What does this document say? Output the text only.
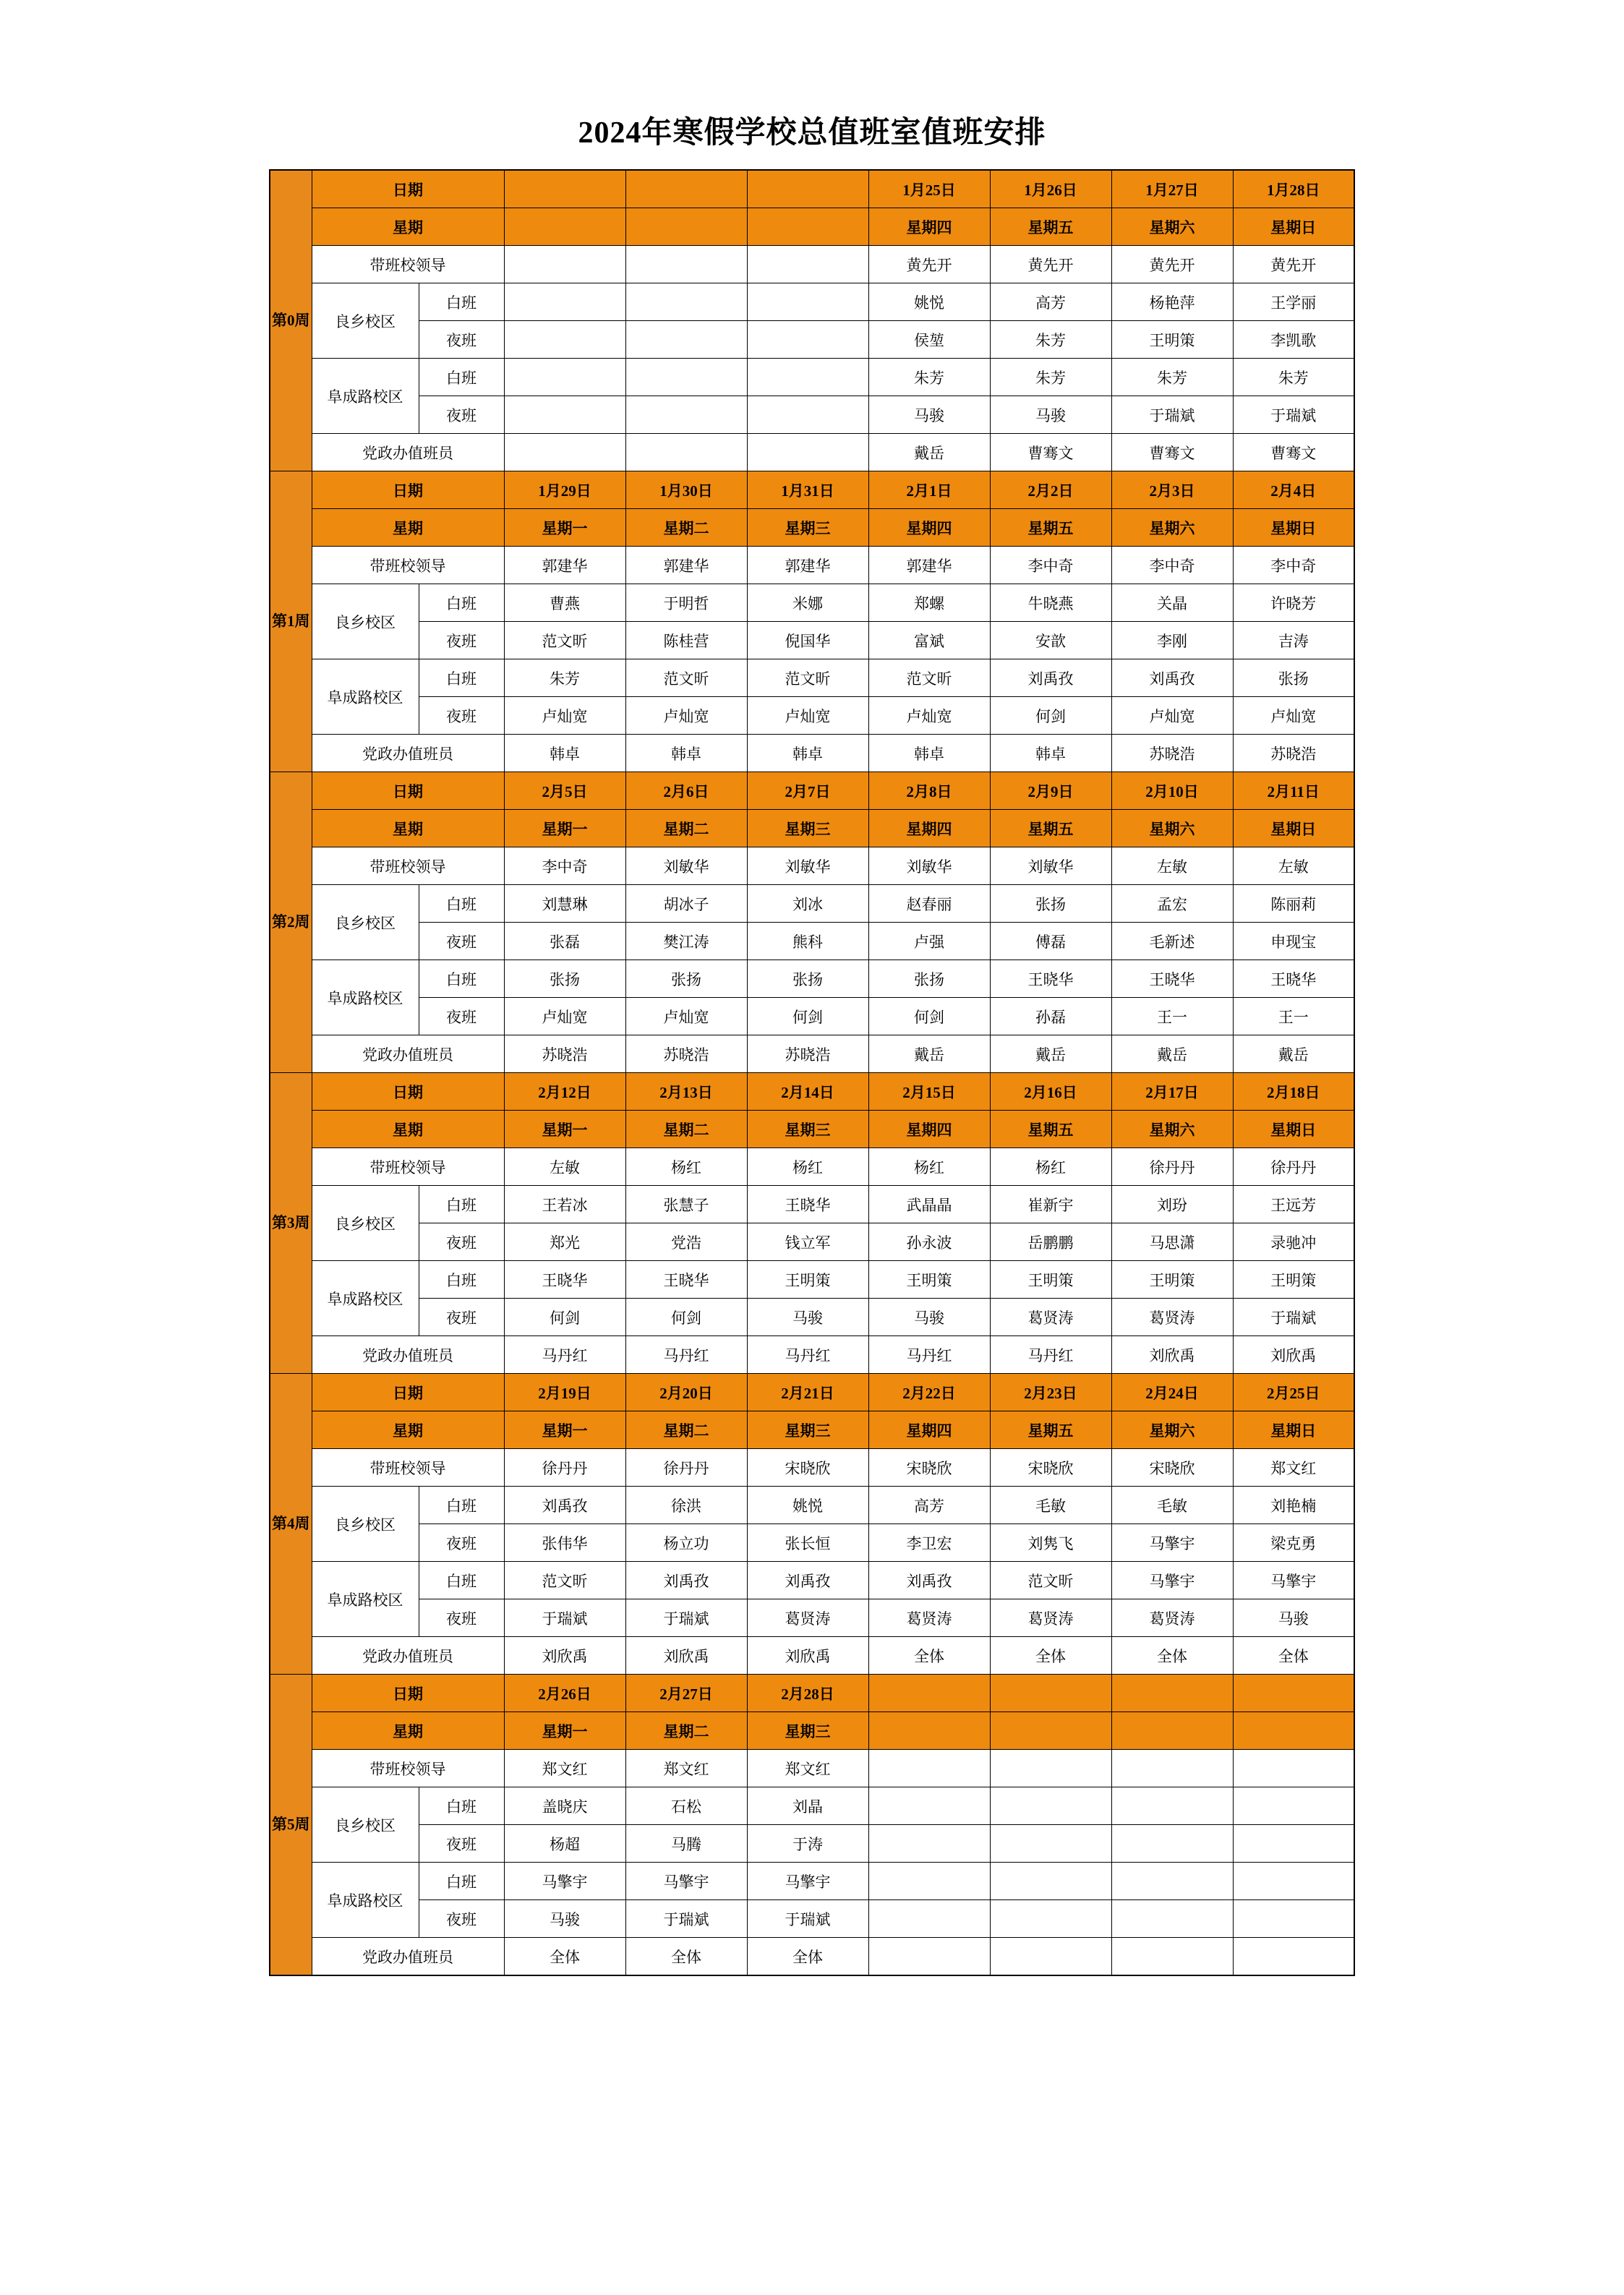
2024年寒假学校总值班室值班安排
第0周	日期					1月25日	1月26日	1月27日	1月28日
	星期					星期四	星期五	星期六	星期日
	带班校领导					黄先开	黄先开	黄先开	黄先开
	良乡校区	白班				姚悦	高芳	杨艳萍	王学丽
		夜班				侯堃	朱芳	王明策	李凯歌
	阜成路校区	白班				朱芳	朱芳	朱芳	朱芳
		夜班				马骏	马骏	于瑞斌	于瑞斌
	党政办值班员					戴岳	曹骞文	曹骞文	曹骞文
第1周	日期		1月29日	1月30日	1月31日	2月1日	2月2日	2月3日	2月4日
	星期		星期一	星期二	星期三	星期四	星期五	星期六	星期日
	带班校领导		郭建华	郭建华	郭建华	郭建华	李中奇	李中奇	李中奇
	良乡校区	白班	曹燕	于明哲	米娜	郑螺	牛晓燕	关晶	许晓芳
		夜班	范文昕	陈桂营	倪国华	富斌	安歆	李刚	吉涛
	阜成路校区	白班	朱芳	范文昕	范文昕	范文昕	刘禹孜	刘禹孜	张扬
		夜班	卢灿宽	卢灿宽	卢灿宽	卢灿宽	何剑	卢灿宽	卢灿宽
	党政办值班员		韩卓	韩卓	韩卓	韩卓	韩卓	苏晓浩	苏晓浩
第2周	日期		2月5日	2月6日	2月7日	2月8日	2月9日	2月10日	2月11日
	星期		星期一	星期二	星期三	星期四	星期五	星期六	星期日
	带班校领导		李中奇	刘敏华	刘敏华	刘敏华	刘敏华	左敏	左敏
	良乡校区	白班	刘慧琳	胡冰子	刘冰	赵春丽	张扬	孟宏	陈丽莉
		夜班	张磊	樊江涛	熊科	卢强	傅磊	毛新述	申现宝
	阜成路校区	白班	张扬	张扬	张扬	张扬	王晓华	王晓华	王晓华
		夜班	卢灿宽	卢灿宽	何剑	何剑	孙磊	王一	王一
	党政办值班员		苏晓浩	苏晓浩	苏晓浩	戴岳	戴岳	戴岳	戴岳
第3周	日期		2月12日	2月13日	2月14日	2月15日	2月16日	2月17日	2月18日
	星期		星期一	星期二	星期三	星期四	星期五	星期六	星期日
	带班校领导		左敏	杨红	杨红	杨红	杨红	徐丹丹	徐丹丹
	良乡校区	白班	王若冰	张慧子	王晓华	武晶晶	崔新宇	刘玢	王远芳
		夜班	郑光	党浩	钱立军	孙永波	岳鹏鹏	马思潇	录驰冲
	阜成路校区	白班	王晓华	王晓华	王明策	王明策	王明策	王明策	王明策
		夜班	何剑	何剑	马骏	马骏	葛贤涛	葛贤涛	于瑞斌
	党政办值班员		马丹红	马丹红	马丹红	马丹红	马丹红	刘欣禹	刘欣禹
第4周	日期		2月19日	2月20日	2月21日	2月22日	2月23日	2月24日	2月25日
	星期		星期一	星期二	星期三	星期四	星期五	星期六	星期日
	带班校领导		徐丹丹	徐丹丹	宋晓欣	宋晓欣	宋晓欣	宋晓欣	郑文红
	良乡校区	白班	刘禹孜	徐洪	姚悦	高芳	毛敏	毛敏	刘艳楠
		夜班	张伟华	杨立功	张长恒	李卫宏	刘隽飞	马擎宇	梁克勇
	阜成路校区	白班	范文昕	刘禹孜	刘禹孜	刘禹孜	范文昕	马擎宇	马擎宇
		夜班	于瑞斌	于瑞斌	葛贤涛	葛贤涛	葛贤涛	葛贤涛	马骏
	党政办值班员		刘欣禹	刘欣禹	刘欣禹	全体	全体	全体	全体
第5周	日期		2月26日	2月27日	2月28日				
	星期		星期一	星期二	星期三				
	带班校领导		郑文红	郑文红	郑文红				
	良乡校区	白班	盖晓庆	石松	刘晶				
		夜班	杨超	马腾	于涛				
	阜成路校区	白班	马擎宇	马擎宇	马擎宇				
		夜班	马骏	于瑞斌	于瑞斌				
	党政办值班员		全体	全体	全体				
